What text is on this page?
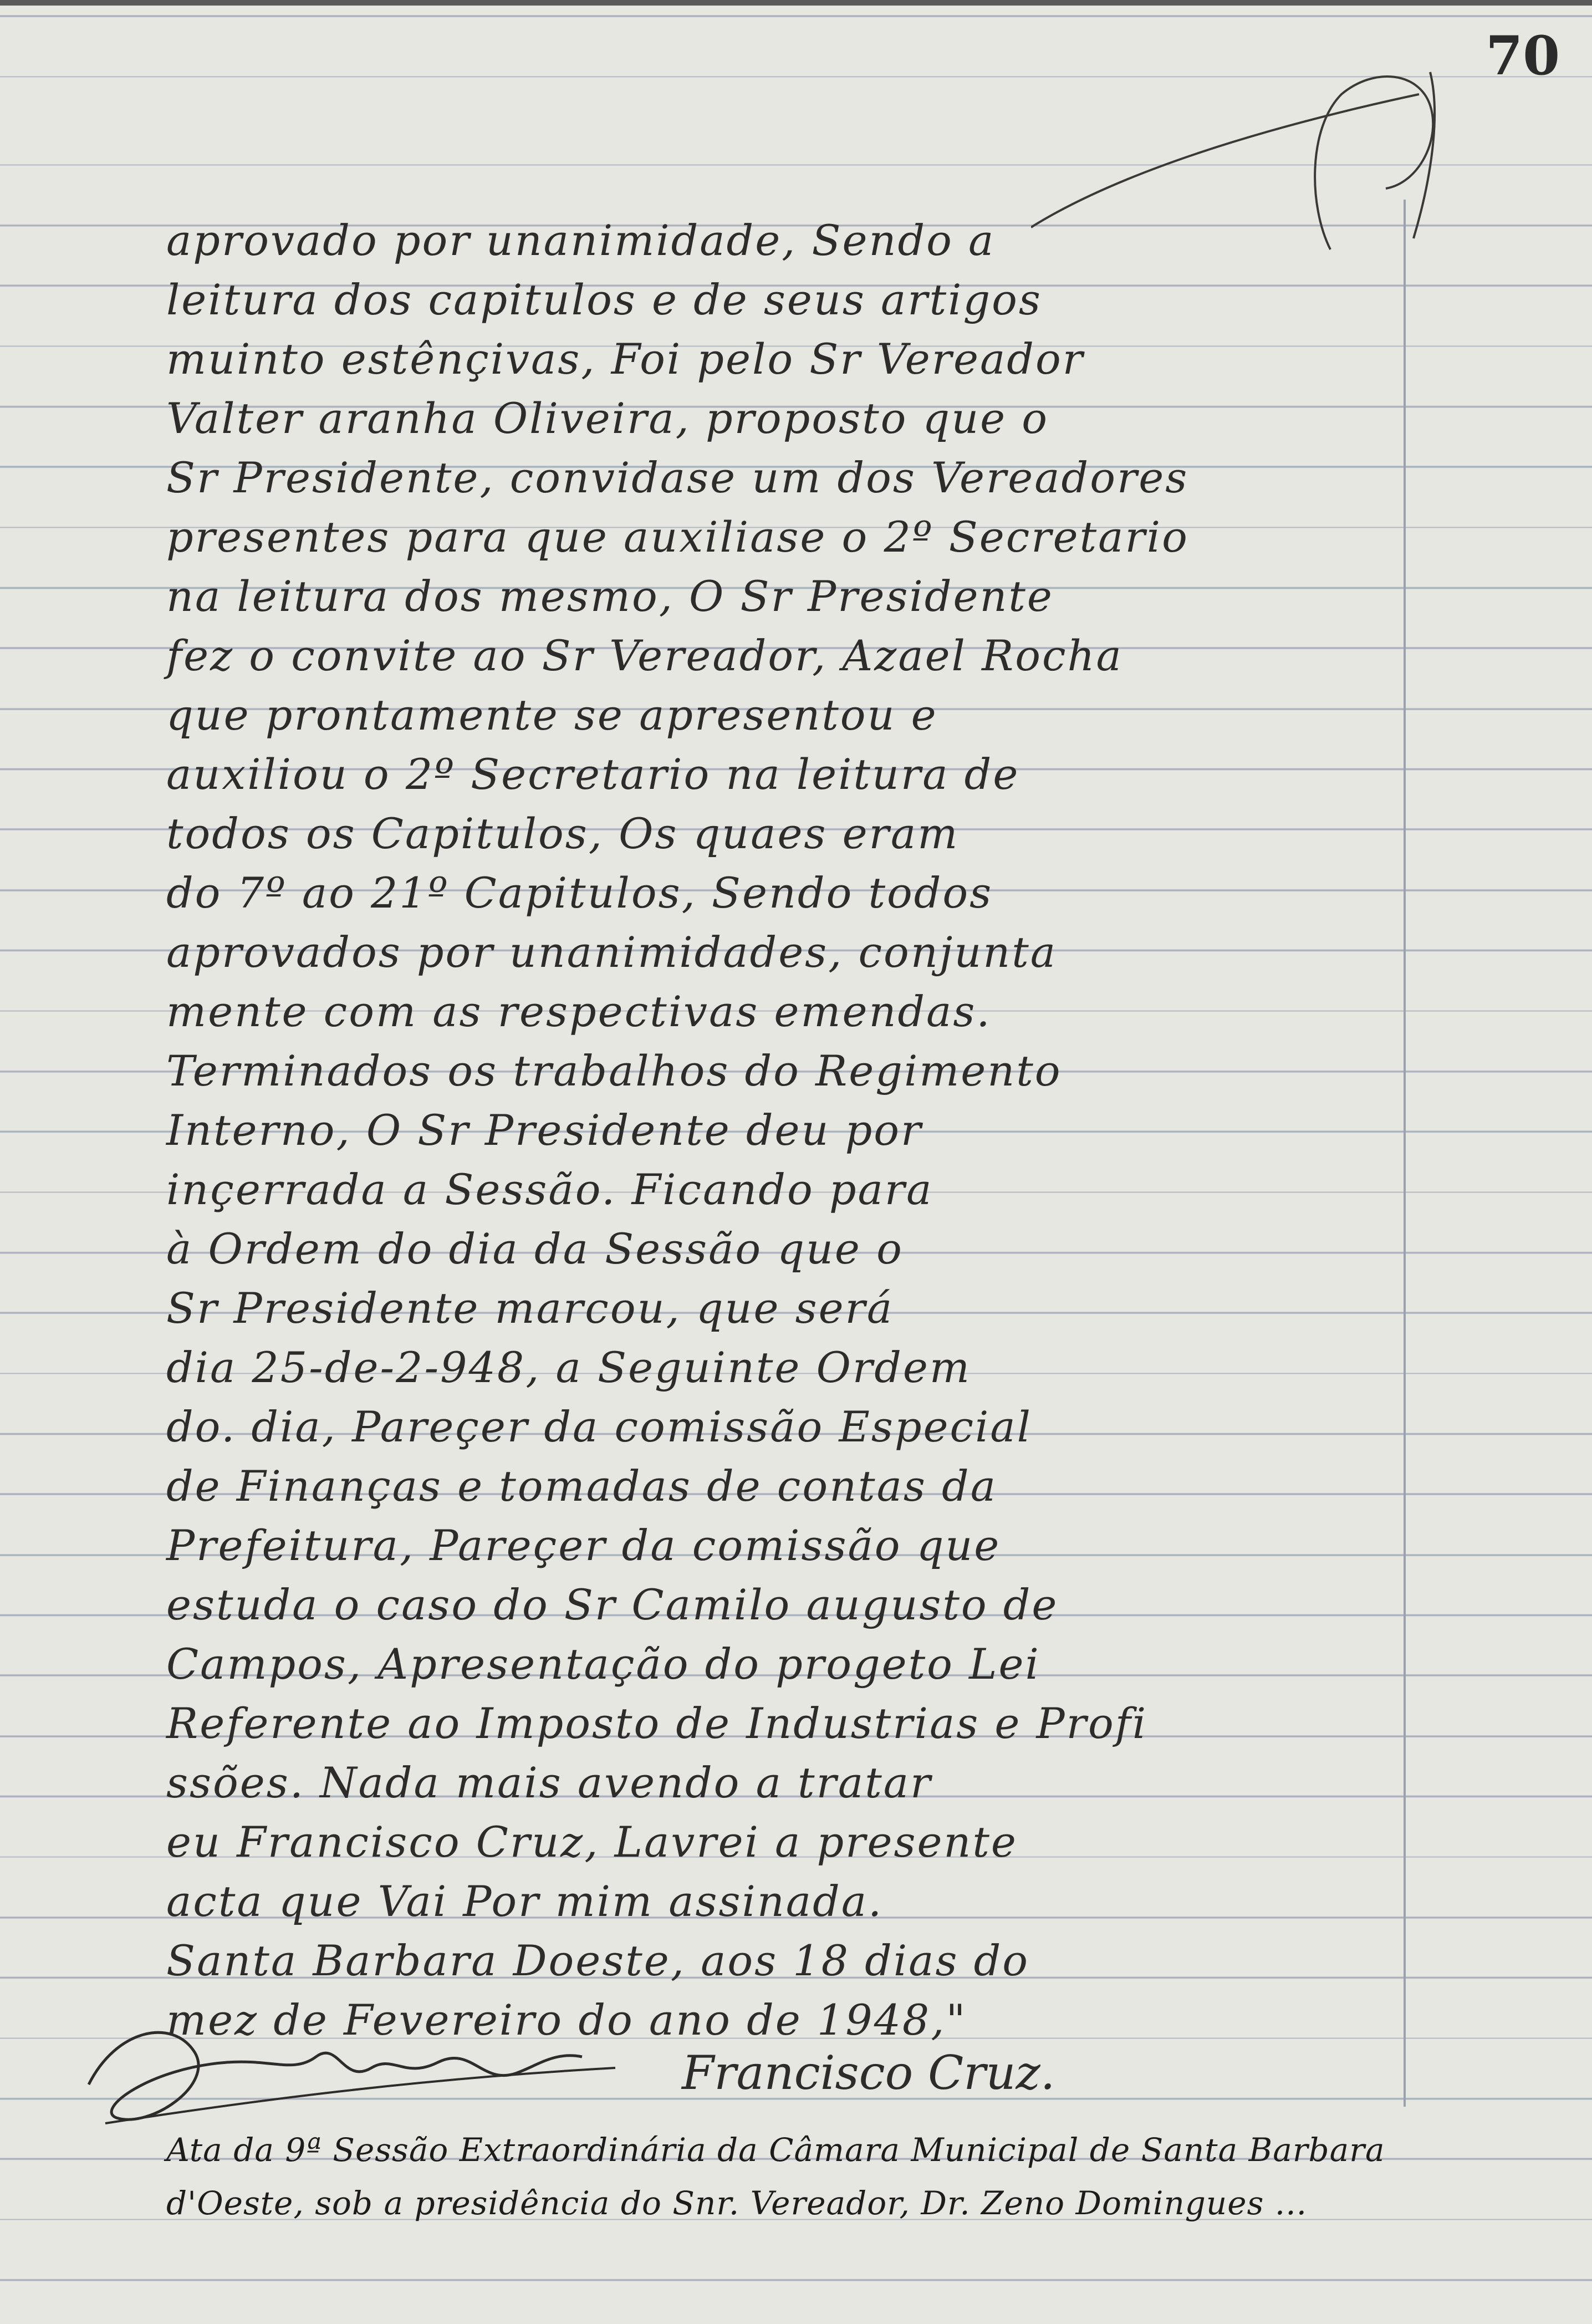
70
aprovado por unanimidade, Sendo a
leitura dos capitulos e de seus artigos
muinto estênçivas, Foi pelo Sr Vereador
Valter aranha Oliveira, proposto que o
Sr Presidente, convidase um dos Vereadores
presentes para que auxiliase o 2º Secretario
na leitura dos mesmo, O Sr Presidente
fez o convite ao Sr Vereador, Azael Rocha
que prontamente se apresentou e
auxiliou o 2º Secretario na leitura de
todos os Capitulos, Os quaes eram
do 7º ao 21º Capitulos, Sendo todos
aprovados por unanimidades, conjunta
mente com as respectivas emendas.
Terminados os trabalhos do Regimento
Interno, O Sr Presidente deu por
inçerrada a Sessão. Ficando para
à Ordem do dia da Sessão que o
Sr Presidente marcou, que será
dia 25-de-2-948, a Seguinte Ordem
do. dia, Pareçer da comissão Especial
de Finanças e tomadas de contas da
Prefeitura, Pareçer da comissão que
estuda o caso do Sr Camilo augusto de
Campos, Apresentação do progeto Lei
Referente ao Imposto de Industrias e Profi
ssões. Nada mais avendo a tratar
eu Francisco Cruz, Lavrei a presente
acta que Vai Por mim assinada.
Santa Barbara Doeste, aos 18 dias do
mez de Fevereiro do ano de 1948,"
Francisco Cruz.
Ata da 9ª Sessão Extraordinária da Câmara Municipal de Santa Barbara
d'Oeste, sob a presidência do Snr. Vereador, Dr. Zeno Domingues ...
